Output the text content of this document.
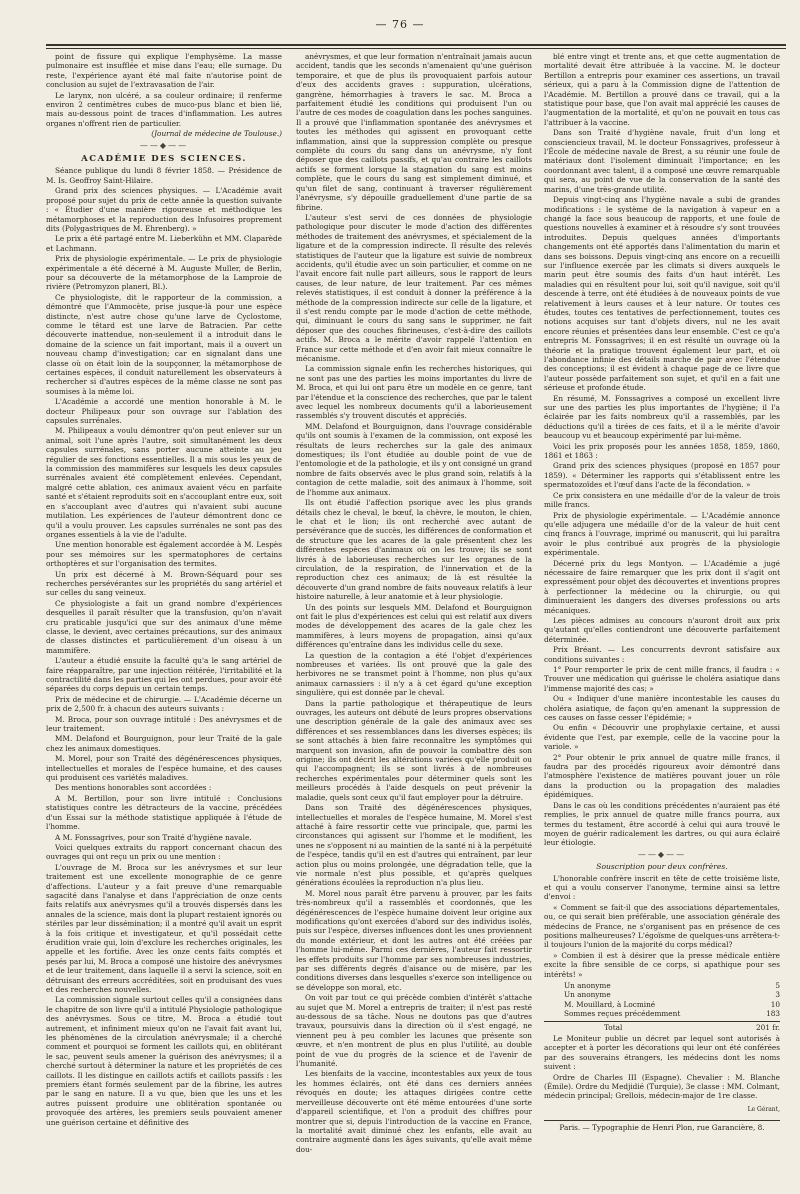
— 76 —

point de fissure qui explique l'emphysème. La masse pulmonaire est insufflée et mise dans l'eau; elle surnage. Du reste, l'expérience ayant été mal faite n'autorise point de conclusion au sujet de l'extravasation de l'air.

Le larynx, non ulcéré, a sa couleur ordinaire; il renferme environ 2 centimètres cubes de muco-pus blanc et bien lié, mais au-dessous point de traces d'inflammation. Les autres organes n'offrent rien de particulier.

(Journal de médecine de Toulouse.)
——◆——
ACADÉMIE DES SCIENCES.

Séance publique du lundi 8 février 1858. — Présidence de M. Is. Geoffroy Saint-Hilaire.

Grand prix des sciences physiques. — L'Académie avait proposé pour sujet du prix de cette année la question suivante : « Étudier d'une manière rigoureuse et méthodique les métamorphoses et la reproduction des Infusoires proprement dits (Polygastriques de M. Ehrenberg). »

Le prix a été partagé entre M. Lieberkühn et MM. Claparède et Lachmann.

Prix de physiologie expérimentale. — Le prix de physiologie expérimentale a été décerné à M. Auguste Muller, de Berlin, pour sa découverte de la métamorphose de la Lamproie de rivière (Petromyzon planeri, Bl.).

Ce physiologiste, dit le rapporteur de la commission, a démontré que l'Ammocète, prise jusque-là pour une espèce distincte, n'est autre chose qu'une larve de Cyclostome, comme le têtard est une larve de Batracien. Par cette découverte inattendue, non-seulement il a introduit dans le domaine de la science un fait important, mais il a ouvert un nouveau champ d'investigation; car en signalant dans une classe où on était loin de la soupçonner, la métamorphose de certaines espèces, il conduit naturellement les observateurs à rechercher si d'autres espèces de la même classe ne sont pas soumises à la même loi.

L'Académie a accordé une mention honorable à M. le docteur Philipeaux pour son ouvrage sur l'ablation des capsules surrénales.

M. Philipeaux a voulu démontrer qu'on peut enlever sur un animal, soit l'une après l'autre, soit simultanément les deux capsules surrénales, sans porter aucune atteinte au jeu régulier de ses fonctions essentielles. Il a mis sous les yeux de la commission des mammifères sur lesquels les deux capsules surrénales avaient été complètement enlevées. Cependant, malgré cette ablation, ces animaux avaient vécu en parfaite santé et s'étaient reproduits soit en s'accouplant entre eux, soit en s'accouplant avec d'autres qui n'avaient subi aucune mutilation. Les expériences de l'auteur démontrent donc ce qu'il a voulu prouver. Les capsules surrénales ne sont pas des organes essentiels à la vie de l'adulte.

Une mention honorable est également accordée à M. Lespès pour ses mémoires sur les spermatophores de certains orthoptères et sur l'organisation des termites.

Un prix est décerné à M. Brown-Séquard pour ses recherches persévérantes sur les propriétés du sang artériel et sur celles du sang veineux.

Ce physiologiste a fait un grand nombre d'expériences desquelles il paraît résulter que la transfusion, qu'on n'avait cru praticable jusqu'ici que sur des animaux d'une même classe, le devient, avec certaines précautions, sur des animaux de classes distinctes et particulièrement d'un oiseau à un mammifère.

L'auteur a étudié ensuite la faculté qu'a le sang artériel de faire réapparaître, par une injection réitérée, l'irritabilité et la contractilité dans les parties qui les ont perdues, pour avoir été séparées du corps depuis un certain temps.

Prix de médecine et de chirurgie. — L'Académie décerne un prix de 2,500 fr. à chacun des auteurs suivants :

M. Broca, pour son ouvrage intitulé : Des anévrysmes et de leur traitement.

MM. Delafond et Bourguignon, pour leur Traité de la gale chez les animaux domestiques.

M. Morel, pour son Traité des dégénérescences physiques, intellectuelles et morales de l'espèce humaine, et des causes qui produisent ces variétés maladives.

Des mentions honorables sont accordées :

A M. Bertillon, pour son livre intitulé : Conclusions statistiques contre les détracteurs de la vaccine, précédées d'un Essai sur la méthode statistique appliquée à l'étude de l'homme.

A M. Fonssagrives, pour son Traité d'hygiène navale.

Voici quelques extraits du rapport concernant chacun des ouvrages qui ont reçu un prix ou une mention :

L'ouvrage de M. Broca sur les anévrysmes et sur leur traitement est une excellente monographie de ce genre d'affections. L'auteur y a fait preuve d'une remarquable sagacité dans l'analyse et dans l'appréciation de onze cents faits relatifs aux anévrysmes qu'il a trouvés dispersés dans les annales de la science, mais dont la plupart restaient ignorés ou stériles par leur dissémination; il a montré qu'il avait un esprit à la fois critique et investigateur, et qu'il possédait cette érudition vraie qui, loin d'exclure les recherches originales, les appelle et les fortifie. Avec les onze cents faits comptés et pesés par lui, M. Broca a composé une histoire des anévrysmes et de leur traitement, dans laquelle il a servi la science, soit en détruisant des erreurs accréditées, soit en produisant des vues et des recherches nouvelles.

La commission signale surtout celles qu'il a consignées dans le chapitre de son livre qu'il a intitulé Physiologie pathologique des anévrysmes. Sous ce titre, M. Broca a étudié tout autrement, et infiniment mieux qu'on ne l'avait fait avant lui, les phénomènes de la circulation anévrysmale; il a cherché comment et pourquoi se forment les caillots qui, en oblitérant le sac, peuvent seuls amener la guérison des anévrysmes; il a cherché surtout à déterminer la nature et les propriétés de ces caillots. Il les distingue en caillots actifs et caillots passifs : les premiers étant formés seulement par de la fibrine, les autres par le sang en nature. Il a vu que, bien que les uns et les autres puissent produire une oblitération spontanée ou provoquée des artères, les premiers seuls pouvaient amener une guérison certaine et définitive des

anévrysmes, et que leur formation n'entraînait jamais aucun accident, tandis que les seconds n'amenaient qu'une guérison temporaire, et que de plus ils provoquaient parfois autour d'eux des accidents graves : suppuration, ulcérations, gangrène, hémorrhagies à travers le sac. M. Broca a parfaitement étudié les conditions qui produisent l'un ou l'autre de ces modes de coagulation dans les poches sanguines. Il a prouvé que l'inflammation spontanée des anévrysmes et toutes les méthodes qui agissent en provoquant cette inflammation, ainsi que la suppression complète ou presque complète du cours du sang dans un anévrysme, n'y font déposer que des caillots passifs, et qu'au contraire les caillots actifs se forment lorsque la stagnation du sang est moins complète, que le cours du sang est simplement diminué, et qu'un filet de sang, continuant à traverser régulièrement l'anévrysme, s'y dépouille graduellement d'une partie de sa fibrine.

L'auteur s'est servi de ces données de physiologie pathologique pour discuter le mode d'action des différentes méthodes de traitement des anévrysmes, et spécialement de la ligature et de la compression indirecte. Il résulte des relevés statistiques de l'auteur que la ligature est suivie de nombreux accidents, qu'il étudie avec un soin particulier, et comme on ne l'avait encore fait nulle part ailleurs, sous le rapport de leurs causes, de leur nature, de leur traitement. Par ces mêmes relevés statistiques, il est conduit à donner la préférence à la méthode de la compression indirecte sur celle de la ligature, et il s'est rendu compte par le mode d'action de cette méthode, qui, diminuant le cours du sang sans le supprimer, ne fait déposer que des couches fibrineuses, c'est-à-dire des caillots actifs. M. Broca a le mérite d'avoir rappelé l'attention en France sur cette méthode et d'en avoir fait mieux connaître le mécanisme.

La commission signale enfin les recherches historiques, qui ne sont pas une des parties les moins importantes du livre de M. Broca, et qui lui ont paru être un modèle en ce genre, tant par l'étendue et la conscience des recherches, que par le talent avec lequel les nombreux documents qu'il a laborieusement rassemblés s'y trouvent discutés et appréciés.

MM. Delafond et Bourguignon, dans l'ouvrage considérable qu'ils ont soumis à l'examen de la commission, ont exposé les résultats de leurs recherches sur la gale des animaux domestiques; ils l'ont étudiée au double point de vue de l'entomologie et de la pathologie, et ils y ont consigné un grand nombre de faits observés avec le plus grand soin, relatifs à la contagion de cette maladie, soit des animaux à l'homme, soit de l'homme aux animaux.

Ils ont étudié l'affection psorique avec les plus grands détails chez le cheval, le bœuf, la chèvre, le mouton, le chien, le chat et le lion; ils ont recherché avec autant de persévérance que de succès, les différences de conformation et de structure que les acares de la gale présentent chez les différentes espèces d'animaux où on les trouve; ils se sont livrés à de laborieuses recherches sur les organes de la circulation, de la respiration, de l'innervation et de la reproduction chez ces animaux; de là est résultée la découverte d'un grand nombre de faits nouveaux relatifs à leur histoire naturelle, à leur anatomie et à leur physiologie.

Un des points sur lesquels MM. Delafond et Bourguignon ont fait le plus d'expériences est celui qui est relatif aux divers modes de développement des acares de la gale chez les mammifères, à leurs moyens de propagation, ainsi qu'aux différences qu'entraîne dans les individus celle du sexe.

La question de la contagion a été l'objet d'expériences nombreuses et variées. Ils ont prouvé que la gale des herbivores ne se transmet point à l'homme, non plus qu'aux animaux carnassiers : il n'y a à cet égard qu'une exception singulière, qui est donnée par le cheval.

Dans la partie pathologique et thérapeutique de leurs ouvrages, les auteurs ont débuté de leurs propres observations une description générale de la gale des animaux avec ses différences et ses ressemblances dans les diverses espèces; ils se sont attachés à bien faire reconnaître les symptômes qui marquent son invasion, afin de pouvoir la combattre dès son origine; ils ont décrit les altérations variées qu'elle produit ou qui l'accompagnent; ils se sont livrés à de nombreuses recherches expérimentales pour déterminer quels sont les meilleurs procédés à l'aide desquels on peut prévenir la maladie, quels sont ceux qu'il faut employer pour la détruire.

Dans son Traité des dégénérescences physiques, intellectuelles et morales de l'espèce humaine, M. Morel s'est attaché à faire ressortir cette vue principale, que, parmi les circonstances qui agissent sur l'homme et le modifient, les unes ne s'opposent ni au maintien de la santé ni à la perpétuité de l'espèce, tandis qu'il en est d'autres qui entraînent, par leur action plus ou moins prolongée, une dégradation telle, que la vie normale n'est plus possible, et qu'après quelques générations écoulées la reproduction n'a plus lieu.

M. Morel nous paraît être parvenu à prouver, par les faits très-nombreux qu'il a rassemblés et coordonnés, que les dégénérescences de l'espèce humaine doivent leur origine aux modifications qu'ont exercées d'abord sur des individus isolés, puis sur l'espèce, diverses influences dont les unes proviennent du monde extérieur, et dont les autres ont été créées par l'homme lui-même. Parmi ces dernières, l'auteur fait ressortir les effets produits sur l'homme par ses nombreuses industries, par ses différents degrés d'aisance ou de misère, par les conditions diverses dans lesquelles s'exerce son intelligence ou se développe son moral, etc.

On voit par tout ce qui précède combien d'intérêt s'attache au sujet que M. Morel a entrepris de traiter; il n'est pas resté au-dessous de sa tâche. Nous ne doutons pas que d'autres travaux, poursuivis dans la direction où il s'est engagé, ne viennent peu à peu combler les lacunes que présente son œuvre, et n'en montrent de plus en plus l'utilité, au double point de vue du progrès de la science et de l'avenir de l'humanité.

Les bienfaits de la vaccine, incontestables aux yeux de tous les hommes éclairés, ont été dans ces derniers années révoqués en doute; les attaques dirigées contre cette merveilleuse découverte ont été même entourées d'une sorte d'appareil scientifique, et l'on a produit des chiffres pour montrer que si, depuis l'introduction de la vaccine en France, la mortalité avait diminué chez les enfants, elle avait au contraire augmenté dans les âges suivants, qu'elle avait même dou-

blé entre vingt et trente ans, et que cette augmentation de mortalité devait être attribuée à la vaccine. M. le docteur Bertillon a entrepris pour examiner ces assertions, un travail sérieux, qui a paru à la Commission digne de l'attention de l'Académie. M. Bertillon a prouvé dans ce travail, qui a la statistique pour base, que l'on avait mal apprécié les causes de l'augmentation de la mortalité, et qu'on ne pouvait en tous cas l'attribuer à la vaccine.

Dans son Traité d'hygiène navale, fruit d'un long et consciencieux travail, M. le docteur Fonssagrives, professeur à l'École de médecine navale de Brest, a su réunir une foule de matériaux dont l'isolement diminuait l'importance; en les coordonnant avec talent, il a composé une œuvre remarquable qui sera, au point de vue de la conservation de la santé des marins, d'une très-grande utilité.

Depuis vingt-cinq ans l'hygiène navale a subi de grandes modifications : le système de la navigation à vapeur en a changé la face sous beaucoup de rapports, et une foule de questions nouvelles à examiner et à résoudre s'y sont trouvées introduites. Depuis quelques années d'importants changements ont été apportés dans l'alimentation du marin et dans ses boissons. Depuis vingt-cinq ans encore on a recueilli sur l'influence exercée par les climats si divers auxquels le marin peut être soumis des faits d'un haut intérêt. Les maladies qui en résultent pour lui, soit qu'il navigue, soit qu'il descende à terre, ont été étudiées à de nouveaux points de vue relativement à leurs causes et à leur nature. Or toutes ces études, toutes ces tentatives de perfectionnement, toutes ces notions acquises sur tant d'objets divers, nul ne les avait encore réunies et présentées dans leur ensemble. C'est ce qu'a entrepris M. Fonssagrives; il en est résulté un ouvrage où la théorie et la pratique trouvent également leur part, et où l'abondance infinie des détails marche de pair avec l'étendue des conceptions; il est évident à chaque page de ce livre que l'auteur possède parfaitement son sujet, et qu'il en a fait une sérieuse et profonde étude.

En résumé, M. Fonssagrives a composé un excellent livre sur une des parties les plus importantes de l'hygiène; il l'a éclairée par les faits nombreux qu'il a rassemblés, par les déductions qu'il a tirées de ces faits, et il a le mérite d'avoir beaucoup vu et beaucoup expérimenté par lui-même.

Voici les prix proposés pour les années 1858, 1859, 1860, 1861 et 1863 :

Grand prix des sciences physiques (proposé en 1857 pour 1859). « Déterminer les rapports qui s'établissent entre les spermatozoïdes et l'œuf dans l'acte de la fécondation. »

Ce prix consistera en une médaille d'or de la valeur de trois mille francs.

Prix de physiologie expérimentale. — L'Académie annonce qu'elle adjugera une médaille d'or de la valeur de huit cent cinq francs à l'ouvrage, imprimé ou manuscrit, qui lui paraîtra avoir le plus contribué aux progrès de la physiologie expérimentale.

Décerné prix du legs Montyon. — L'Académie a jugé nécessaire de faire remarquer que les prix dont il s'agit ont expressément pour objet des découvertes et inventions propres à perfectionner la médecine ou la chirurgie, ou qui diminueraient les dangers des diverses professions ou arts mécaniques.

Les pièces admises au concours n'auront droit aux prix qu'autant qu'elles contiendront une découverte parfaitement déterminée.

Prix Bréant. — Les concurrents devront satisfaire aux conditions suivantes :

1° Pour remporter le prix de cent mille francs, il faudra : « Trouver une médication qui guérisse le choléra asiatique dans l'immense majorité des cas; »

Ou « Indiquer d'une manière incontestable les causes du choléra asiatique, de façon qu'en amenant la suppression de ces causes on fasse cesser l'épidémie; »

Ou enfin « Découvrir une prophylaxie certaine, et aussi évidente que l'est, par exemple, celle de la vaccine pour la variole. »

2° Pour obtenir le prix annuel de quatre mille francs, il faudra par des procédés rigoureux avoir démontré dans l'atmosphère l'existence de matières pouvant jouer un rôle dans la production ou la propagation des maladies épidémiques.

Dans le cas où les conditions précédentes n'auraient pas été remplies, le prix annuel de quatre mille francs pourra, aux termes du testament, être accordé à celui qui aura trouvé le moyen de guérir radicalement les dartres, ou qui aura éclairé leur étiologie.

——◆——
Souscription pour deux confrères.

L'honorable confrère inscrit en tête de cette troisième liste, et qui a voulu conserver l'anonyme, termine ainsi sa lettre d'envoi :

« Comment se fait-il que des associations départementales, ou, ce qui serait bien préférable, une association générale des médecins de France, ne s'organisent pas en présence de ces positions malheureuses? L'égoïsme de quelques-uns arrêtera-t-il toujours l'union de la majorité du corps médical?

» Combien il est à désirer que la presse médicale entière excite la fibre sensible de ce corps, si apathique pour ses intérêts! »

Un anonyme	5
Un anonyme	3
M. Mouillard, à Locminé	10
Sommes reçues précédemment	183
Total	201 fr.

Le Moniteur publie un décret par lequel sont autorisés à accepter et à porter les décorations qui leur ont été conférées par des souverains étrangers, les médecins dont les noms suivent :

Ordre de Charles III (Espagne). Chevalier : M. Blanche (Émile). Ordre du Medjidié (Turquie), 3e classe : MM. Colmant, médecin principal; Grellois, médecin-major de 1re classe.

Le Gérant,
Paris. — Typographie de Henri Plon, rue Garancière, 8.
